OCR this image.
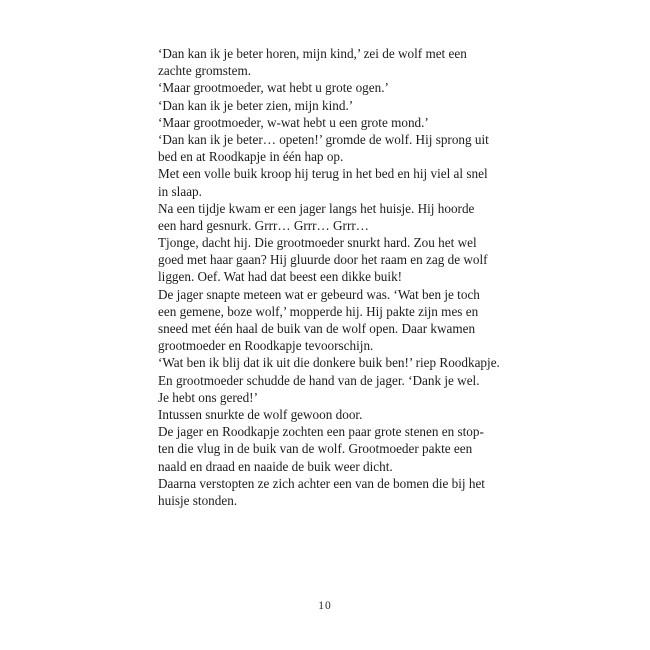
‘Dan kan ik je beter horen, mijn kind,’ zei de wolf met een
zachte gromstem.
‘Maar grootmoeder, wat hebt u grote ogen.’
‘Dan kan ik je beter zien, mijn kind.’
‘Maar grootmoeder, w-wat hebt u een grote mond.’
‘Dan kan ik je beter… opeten!’ gromde de wolf. Hij sprong uit
bed en at Roodkapje in één hap op.
Met een volle buik kroop hij terug in het bed en hij viel al snel
in slaap.
Na een tijdje kwam er een jager langs het huisje. Hij hoorde
een hard gesnurk. Grrr… Grrr… Grrr…
Tjonge, dacht hij. Die grootmoeder snurkt hard. Zou het wel
goed met haar gaan? Hij gluurde door het raam en zag de wolf
liggen. Oef. Wat had dat beest een dikke buik!
De jager snapte meteen wat er gebeurd was. ‘Wat ben je toch
een gemene, boze wolf,’ mopperde hij. Hij pakte zijn mes en
sneed met één haal de buik van de wolf open. Daar kwamen
grootmoeder en Roodkapje tevoorschijn.
‘Wat ben ik blij dat ik uit die donkere buik ben!’ riep Roodkapje.
En grootmoeder schudde de hand van de jager. ‘Dank je wel.
Je hebt ons gered!’
Intussen snurkte de wolf gewoon door.
De jager en Roodkapje zochten een paar grote stenen en stop-
ten die vlug in de buik van de wolf. Grootmoeder pakte een
naald en draad en naaide de buik weer dicht.
Daarna verstopten ze zich achter een van de bomen die bij het
huisje stonden.
10
